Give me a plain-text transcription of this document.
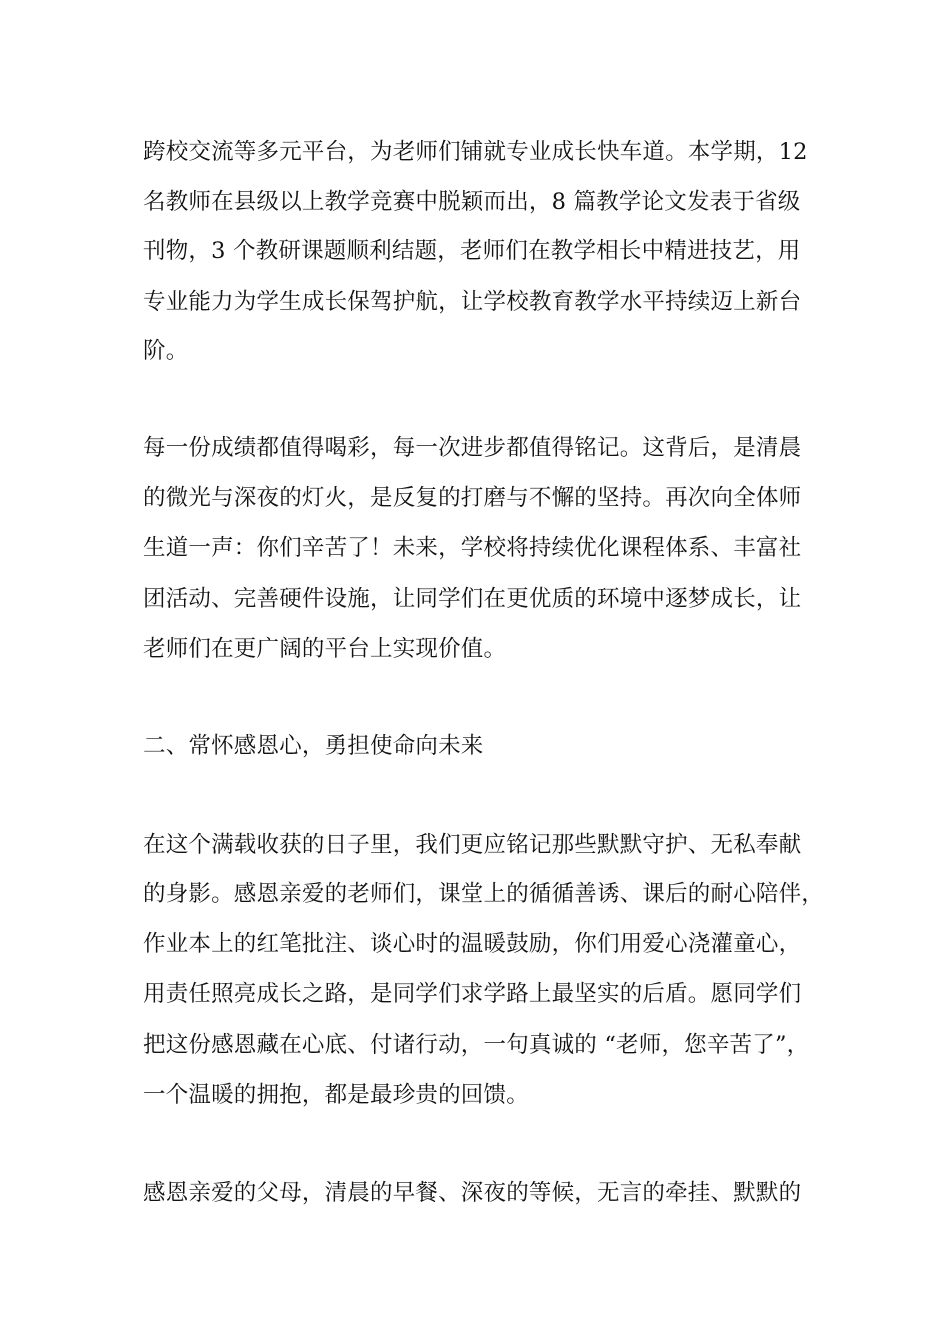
跨校交流等多元平台，为老师们铺就专业成长快车道。本学期，12

名教师在县级以上教学竞赛中脱颖而出，8 篇教学论文发表于省级

刊物，3 个教研课题顺利结题，老师们在教学相长中精进技艺，用

专业能力为学生成长保驾护航，让学校教育教学水平持续迈上新台

阶。

每一份成绩都值得喝彩，每一次进步都值得铭记。这背后，是清晨

的微光与深夜的灯火，是反复的打磨与不懈的坚持。再次向全体师

生道一声：你们辛苦了！未来，学校将持续优化课程体系、丰富社

团活动、完善硬件设施，让同学们在更优质的环境中逐梦成长，让

老师们在更广阔的平台上实现价值。

二、常怀感恩心，勇担使命向未来

在这个满载收获的日子里，我们更应铭记那些默默守护、无私奉献

的身影。感恩亲爱的老师们，课堂上的循循善诱、课后的耐心陪伴，

作业本上的红笔批注、谈心时的温暖鼓励，你们用爱心浇灌童心，

用责任照亮成长之路，是同学们求学路上最坚实的后盾。愿同学们

把这份感恩藏在心底、付诸行动，一句真诚的 “老师，您辛苦了”，

一个温暖的拥抱，都是最珍贵的回馈。

感恩亲爱的父母，清晨的早餐、深夜的等候，无言的牵挂、默默的
